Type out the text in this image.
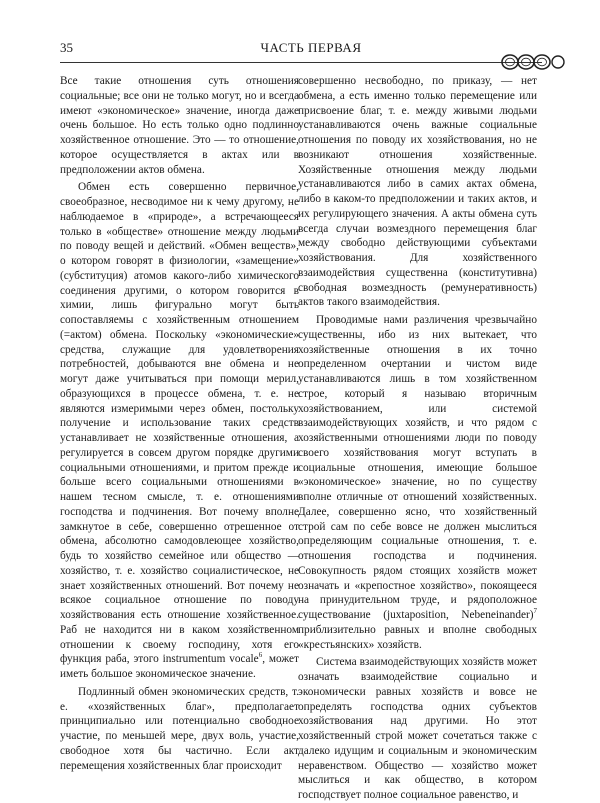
35	ЧАСТЬ ПЕРВАЯ

Все такие отношения суть отношения социальные; все они не только могут, но и всегда имеют «экономическое» значение, иногда даже очень большое. Но есть только одно подлинно хозяйственное отношение. Это — то отношение, которое осуществляется в актах или в предположении актов обмена.

Обмен есть совершенно первичное, своеобразное, несводимое ни к чему другому, не наблюдаемое в «природе», а встречающееся только в «обществе» отношение между людьми по поводу вещей и действий. «Обмен веществ», о котором говорят в физиологии, «замещение» (субституция) атомов какого-либо химического соединения другими, о котором говорится в химии, лишь фигурально могут быть сопоставляемы с хозяйственным отношением (=актом) обмена. Поскольку «экономические» средства, служащие для удовлетворения потребностей, добываются вне обмена и не могут даже учитываться при помощи мерил, образующихся в процессе обмена, т. е. не являются измеримыми через обмен, постольку получение и использование таких средств устанавливает не хозяйственные отношения, а регулируется в совсем другом порядке другими социальными отношениями, и притом прежде и больше всего социальными отношениями в нашем тесном смысле, т. е. отношениями господства и подчинения. Вот почему вполне замкнутое в себе, совершенно отрешенное от обмена, абсолютно самодовлеющее хозяйство, будь то хозяйство семейное или общество — хозяйство, т. е. хозяйство социалистическое, не знает хозяйственных отношений. Вот почему не всякое социальное отношение по поводу хозяйствования есть отношение хозяйственное. Раб не находится ни в каком хозяйственном отношении к своему господину, хотя его функция раба, этого instrumentum vocale$^6$, может иметь большое экономическое значение.

Подлинный обмен экономических средств, т. е. «хозяйственных благ», предполагает принципиально или потенциально свободное участие, по меньшей мере, двух воль, участие, свободное хотя бы частично. Если акт перемещения хозяйственных благ происходит

совершенно несвободно, по приказу, — нет обмена, а есть именно только перемещение или присвоение благ, т. е. между живыми людьми устанавливаются очень важные социальные отношения по поводу их хозяйствования, но не возникают отношения хозяйственные. Хозяйственные отношения между людьми устанавливаются либо в самих актах обмена, либо в каком-то предположении и таких актов, и их регулирующего значения. А акты обмена суть всегда случаи возмездного перемещения благ между свободно действующими субъектами хозяйствования. Для хозяйственного взаимодействия существенна (конститутивна) свободная возмездность (ремунеративность) актов такого взаимодействия.

Проводимые нами различения чрезвычайно существенны, ибо из них вытекает, что хозяйственные отношения в их точно определенном очертании и чистом виде устанавливаются лишь в том хозяйственном строе, который я называю вторичным хозяйствованием, или системой взаимодействующих хозяйств, и что рядом с хозяйственными отношениями люди по поводу своего хозяйствования могут вступать в социальные отношения, имеющие большое «экономическое» значение, но по существу вполне отличные от отношений хозяйственных. Далее, совершенно ясно, что хозяйственный строй сам по себе вовсе не должен мыслиться определяющим социальные отношения, т. е. отношения господства и подчинения. Совокупность рядом стоящих хозяйств может означать и «крепостное хозяйство», покоящееся на принудительном труде, и рядоположное существование (juxtaposition, Nebeneinander)$^7$ приблизительно равных и вполне свободных «крестьянских» хозяйств.

Система взаимодействующих хозяйств может означать взаимодействие социально и экономически равных хозяйств и вовсе не определять господства одних субъектов хозяйствования над другими. Но этот хозяйственный строй может сочетаться также с далеко идущим и социальным и экономическим неравенством. Общество — хозяйство может мыслиться и как общество, в котором господствует полное социальное равенство, и
